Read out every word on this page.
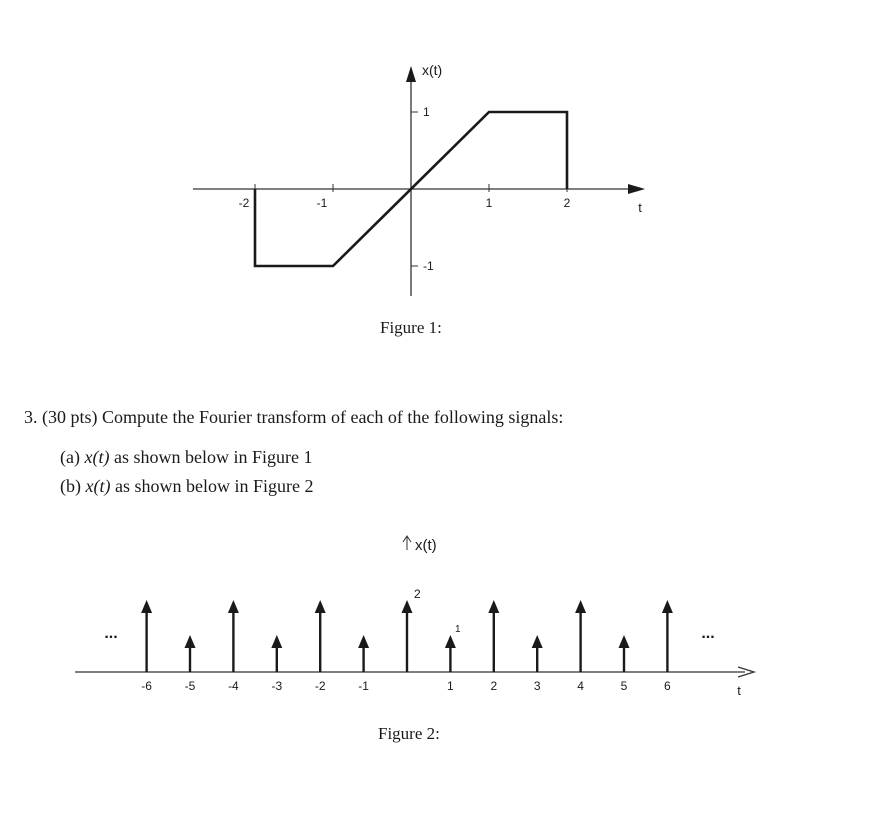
t
x(t)
-2	-1	1	2
1
-1
Figure 1:
3. (30 pts) Compute the Fourier transform of each of the following signals:
(a) x(t) as shown below in Figure 1
(b) x(t) as shown below in Figure 2
t
x(t)
-6	-5	-4	-3	-2	-1	1	2	3	4	5	6
2
1
...	...
Figure 2:
